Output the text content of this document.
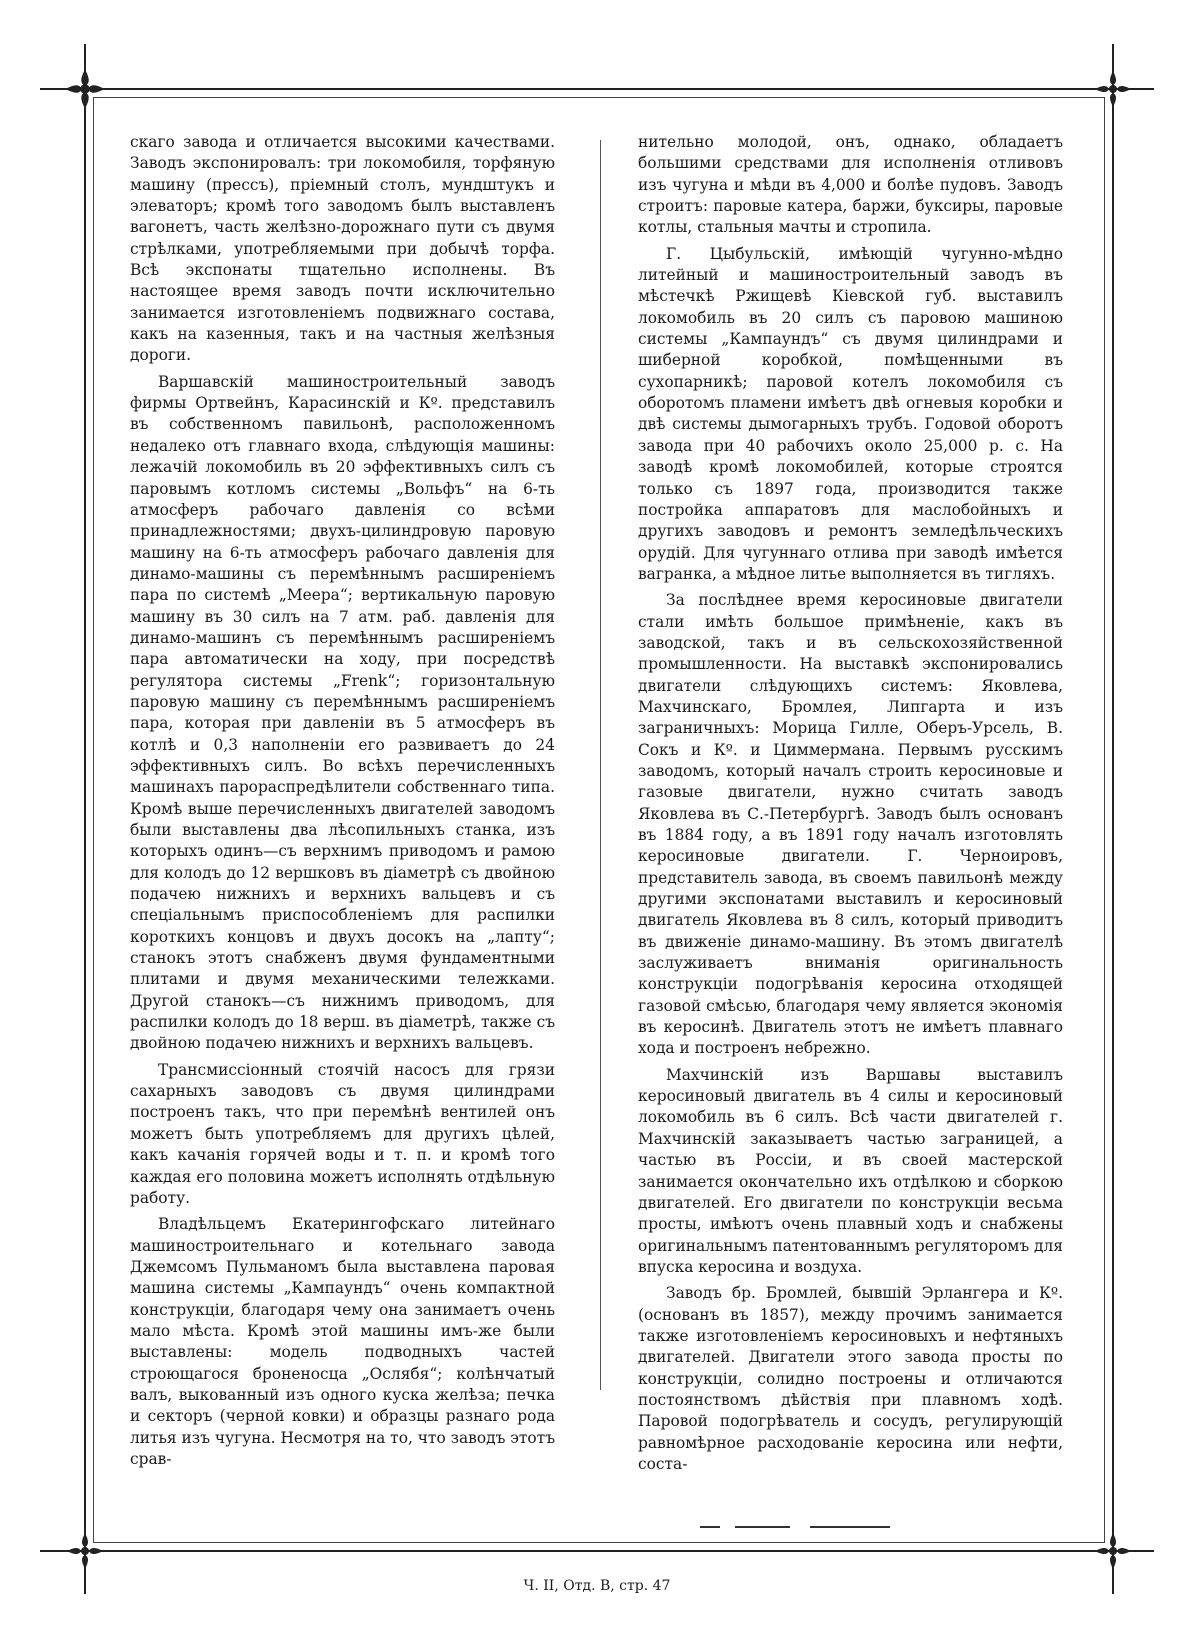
скаго завода и отличается высокими качествами. Заводъ экспонировалъ: три локомобиля, торфяную машину (прессъ), пріемный столъ, мундштукъ и элеваторъ; кромѣ того заводомъ былъ выставленъ вагонетъ, часть желѣзно-дорожнаго пути съ двумя стрѣлками, употребляемыми при добычѣ торфа. Всѣ экспонаты тщательно исполнены. Въ настоящее время заводъ почти исключительно занимается изготовленіемъ подвижнаго состава, какъ на казенныя, такъ и на частныя желѣзныя дороги.

Варшавскій машиностроительный заводъ фирмы Ортвейнъ, Карасинскій и Кº. представилъ въ собственномъ павильонѣ, расположенномъ недалеко отъ главнаго входа, слѣдующія машины: лежачій локомобиль въ 20 эффективныхъ силъ съ паровымъ котломъ системы „Вольфъ“ на 6-ть атмосферъ рабочаго давленія со всѣми принадлежностями; двухъ-цилиндровую паровую машину на 6-ть атмосферъ рабочаго давленія для динамо-машины съ перемѣннымъ расширеніемъ пара по системѣ „Меера“; вертикальную паровую машину въ 30 силъ на 7 атм. раб. давленія для динамо-машинъ съ перемѣннымъ расширеніемъ пара автоматически на ходу, при посредствѣ регулятора системы „Frenk“; горизонтальную паровую машину съ перемѣннымъ расширеніемъ пара, которая при давленіи въ 5 атмосферъ въ котлѣ и 0,3 наполненіи его развиваетъ до 24 эффективныхъ силъ. Во всѣхъ перечисленныхъ машинахъ парораспредѣлители собственнаго типа. Кромѣ выше перечисленныхъ двигателей заводомъ были выставлены два лѣсопильныхъ станка, изъ которыхъ одинъ—съ верхнимъ приводомъ и рамою для колодъ до 12 вершковъ въ діаметрѣ съ двойною подачею нижнихъ и верхнихъ вальцевъ и съ спеціальнымъ приспособленіемъ для распилки короткихъ концовъ и двухъ досокъ на „лапту“; станокъ этотъ снабженъ двумя фундаментными плитами и двумя механическими тележками. Другой станокъ—съ нижнимъ приводомъ, для распилки колодъ до 18 верш. въ діаметрѣ, также съ двойною подачею нижнихъ и верхнихъ вальцевъ.

Трансмиссіонный стоячій насосъ для грязи сахарныхъ заводовъ съ двумя цилиндрами построенъ такъ, что при перемѣнѣ вентилей онъ можетъ быть употребляемъ для другихъ цѣлей, какъ качанія горячей воды и т. п. и кромѣ того каждая его половина можетъ исполнять отдѣльную работу.

Владѣльцемъ Екатерингофскаго литейнаго машиностроительнаго и котельнаго завода Джемсомъ Пульманомъ была выставлена паровая машина системы „Кампаундъ“ очень компактной конструкціи, благодаря чему она занимаетъ очень мало мѣста. Кромѣ этой машины имъ-же были выставлены: модель подводныхъ частей строющагося броненосца „Ослябя“; колѣнчатый валъ, выкованный изъ одного куска желѣза; печка и секторъ (черной ковки) и образцы разнаго рода литья изъ чугуна. Несмотря на то, что заводъ этотъ срав-

нительно молодой, онъ, однако, обладаетъ большими средствами для исполненія отливовъ изъ чугуна и мѣди въ 4,000 и болѣе пудовъ. Заводъ строитъ: паровые катера, баржи, буксиры, паровые котлы, стальныя мачты и стропила.

Г. Цыбульскій, имѣющій чугунно-мѣдно литейный и машиностроительный заводъ въ мѣстечкѣ Ржищевѣ Кіевской губ. выставилъ локомобиль въ 20 силъ съ паровою машиною системы „Кампаундъ“ съ двумя цилиндрами и шиберной коробкой, помѣщенными въ сухопарникѣ; паровой котелъ локомобиля съ оборотомъ пламени имѣетъ двѣ огневыя коробки и двѣ системы дымогарныхъ трубъ. Годовой оборотъ завода при 40 рабочихъ около 25,000 р. с. На заводѣ кромѣ локомобилей, которые строятся только съ 1897 года, производится также постройка аппаратовъ для маслобойныхъ и другихъ заводовъ и ремонтъ земледѣльческихъ орудій. Для чугуннаго отлива при заводѣ имѣется вагранка, а мѣдное литье выполняется въ тигляхъ.

За послѣднее время керосиновые двигатели стали имѣть большое примѣненіе, какъ въ заводской, такъ и въ сельскохозяйственной промышленности. На выставкѣ экспонировались двигатели слѣдующихъ системъ: Яковлева, Махчинскаго, Бромлея, Липгарта и изъ заграничныхъ: Морица Гилле, Оберъ-Урсель, В. Сокъ и Кº. и Циммермана. Первымъ русскимъ заводомъ, который началъ строить керосиновые и газовые двигатели, нужно считать заводъ Яковлева въ С.-Петербургѣ. Заводъ былъ основанъ въ 1884 году, а въ 1891 году началъ изготовлять керосиновые двигатели. Г. Черноировъ, представитель завода, въ своемъ павильонѣ между другими экспонатами выставилъ и керосиновый двигатель Яковлева въ 8 силъ, который приводитъ въ движеніе динамо-машину. Въ этомъ двигателѣ заслуживаетъ вниманія оригинальность конструкціи подогрѣванія керосина отходящей газовой смѣсью, благодаря чему является экономія въ керосинѣ. Двигатель этотъ не имѣетъ плавнаго хода и построенъ небрежно.

Махчинскій изъ Варшавы выставилъ керосиновый двигатель въ 4 силы и керосиновый локомобиль въ 6 силъ. Всѣ части двигателей г. Махчинскій заказываетъ частью заграницей, а частью въ Россіи, и въ своей мастерской занимается окончательно ихъ отдѣлкою и сборкою двигателей. Его двигатели по конструкціи весьма просты, имѣютъ очень плавный ходъ и снабжены оригинальнымъ патентованнымъ регуляторомъ для впуска керосина и воздуха.

Заводъ бр. Бромлей, бывшій Эрлангера и Кº. (основанъ въ 1857), между прочимъ занимается также изготовленіемъ керосиновыхъ и нефтяныхъ двигателей. Двигатели этого завода просты по конструкціи, солидно построены и отличаются постоянствомъ дѣйствія при плавномъ ходѣ. Паровой подогрѣватель и сосудъ, регулирующій равномѣрное расходованіе керосина или нефти, соста-

Ч. II, Отд. В, стр. 47
